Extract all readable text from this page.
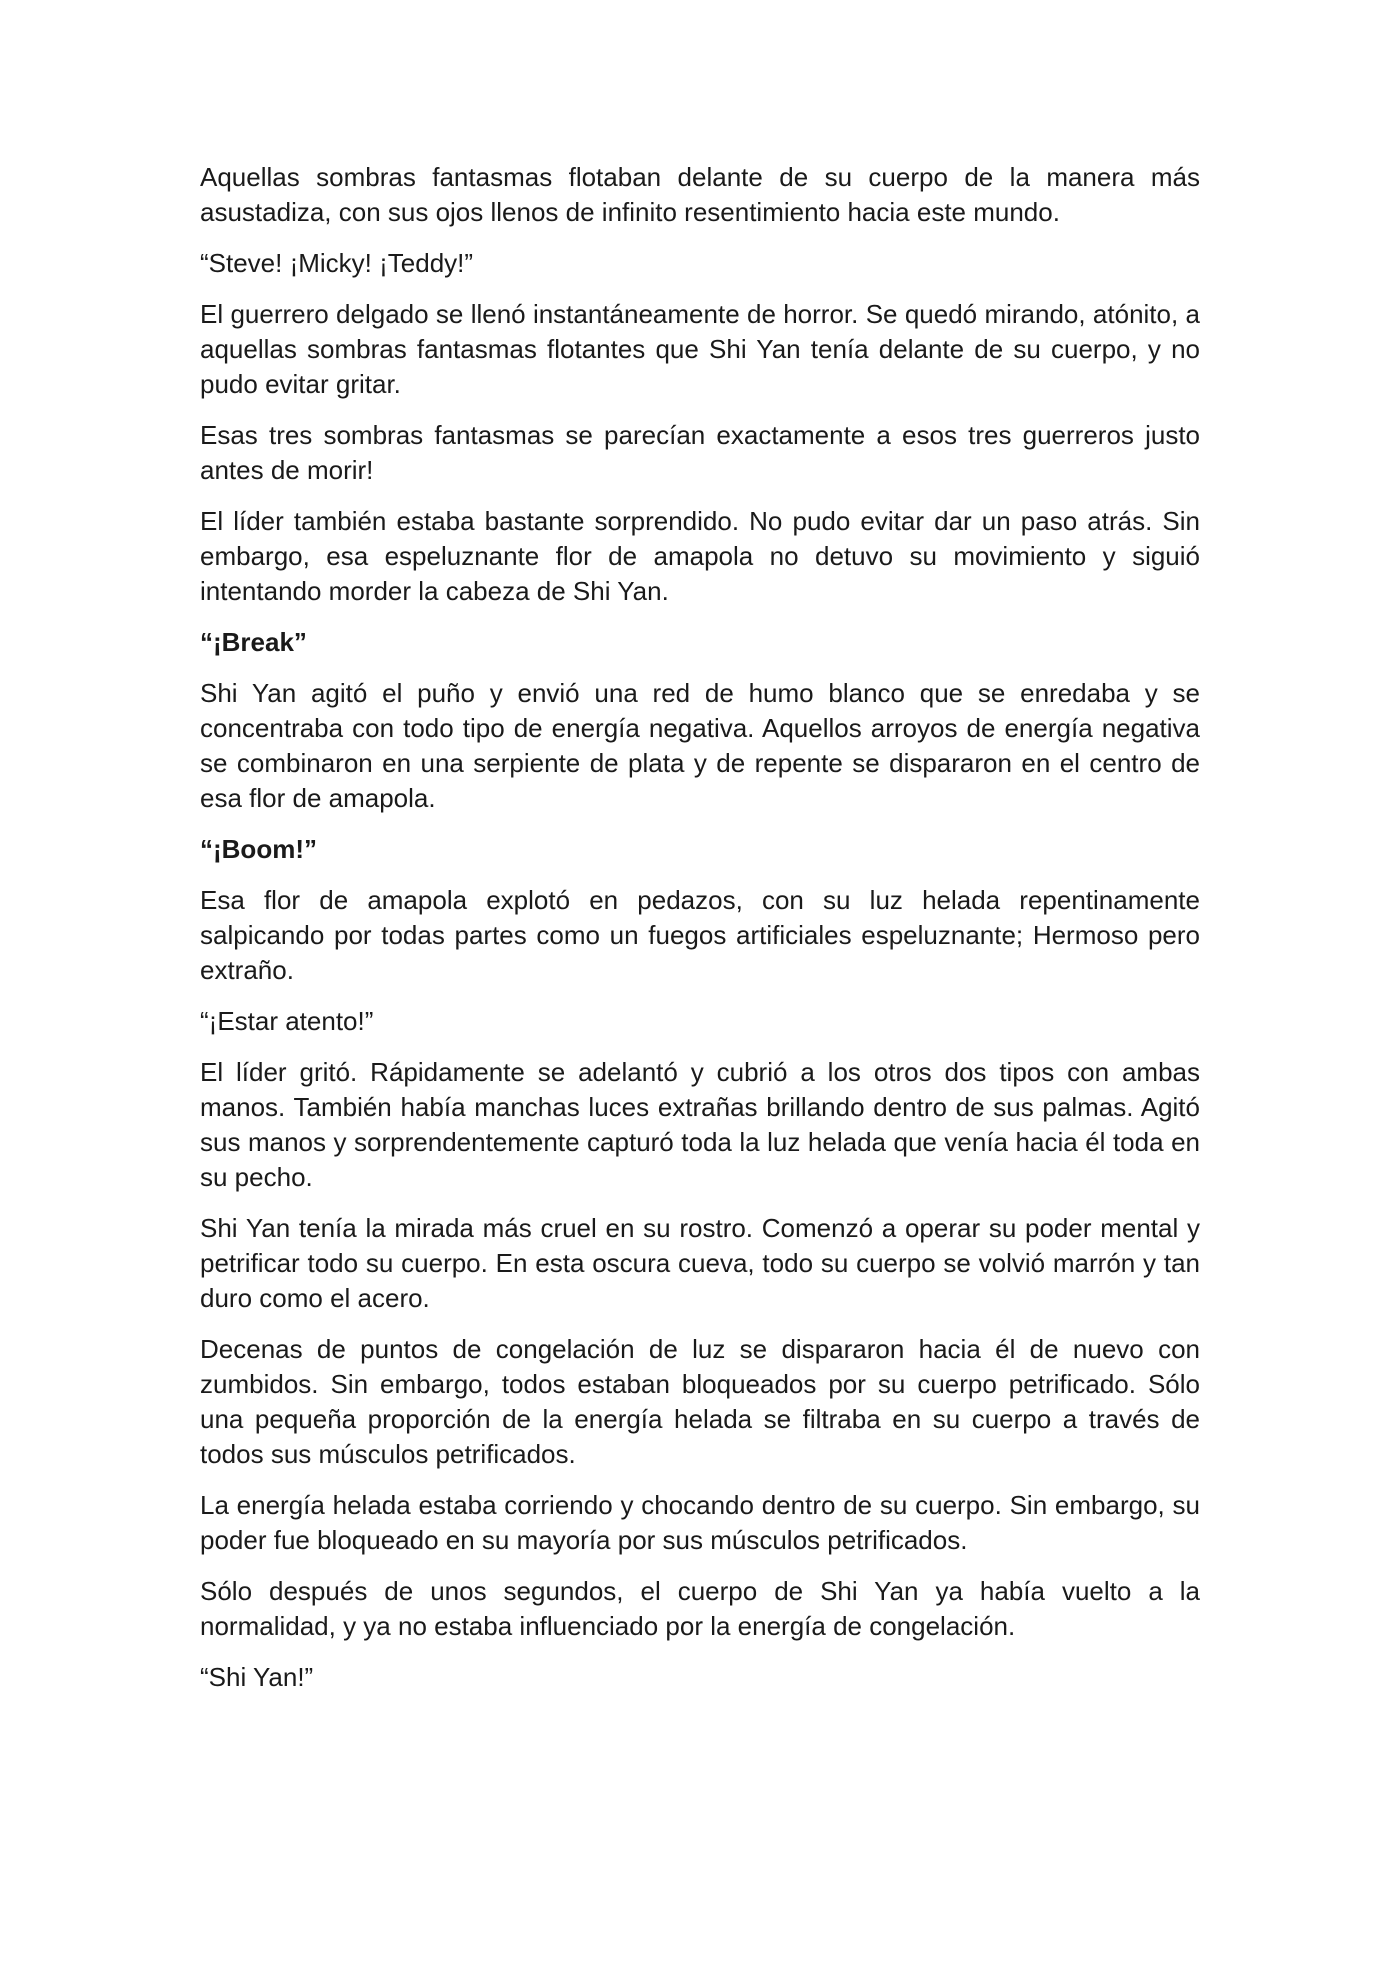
Aquellas sombras fantasmas flotaban delante de su cuerpo de la manera más asustadiza, con sus ojos llenos de infinito resentimiento hacia este mundo.

“Steve! ¡Micky! ¡Teddy!”

El guerrero delgado se llenó instantáneamente de horror. Se quedó mirando, atónito, a aquellas sombras fantasmas flotantes que Shi Yan tenía delante de su cuerpo, y no pudo evitar gritar.

Esas tres sombras fantasmas se parecían exactamente a esos tres guerreros justo antes de morir!

El líder también estaba bastante sorprendido. No pudo evitar dar un paso atrás. Sin embargo, esa espeluznante flor de amapola no detuvo su movimiento y siguió intentando morder la cabeza de Shi Yan.

“¡Break”

Shi Yan agitó el puño y envió una red de humo blanco que se enredaba y se concentraba con todo tipo de energía negativa. Aquellos arroyos de energía negativa se combinaron en una serpiente de plata y de repente se dispararon en el centro de esa flor de amapola.

“¡Boom!”

Esa flor de amapola explotó en pedazos, con su luz helada repentinamente salpicando por todas partes como un fuegos artificiales espeluznante; Hermoso pero extraño.

“¡Estar atento!”

El líder gritó. Rápidamente se adelantó y cubrió a los otros dos tipos con ambas manos. También había manchas luces extrañas brillando dentro de sus palmas. Agitó sus manos y sorprendentemente capturó toda la luz helada que venía hacia él toda en su pecho.

Shi Yan tenía la mirada más cruel en su rostro. Comenzó a operar su poder mental y petrificar todo su cuerpo. En esta oscura cueva, todo su cuerpo se volvió marrón y tan duro como el acero.

Decenas de puntos de congelación de luz se dispararon hacia él de nuevo con zumbidos. Sin embargo, todos estaban bloqueados por su cuerpo petrificado. Sólo una pequeña proporción de la energía helada se filtraba en su cuerpo a través de todos sus músculos petrificados.

La energía helada estaba corriendo y chocando dentro de su cuerpo. Sin embargo, su poder fue bloqueado en su mayoría por sus músculos petrificados.

Sólo después de unos segundos, el cuerpo de Shi Yan ya había vuelto a la normalidad, y ya no estaba influenciado por la energía de congelación.

“Shi Yan!”
